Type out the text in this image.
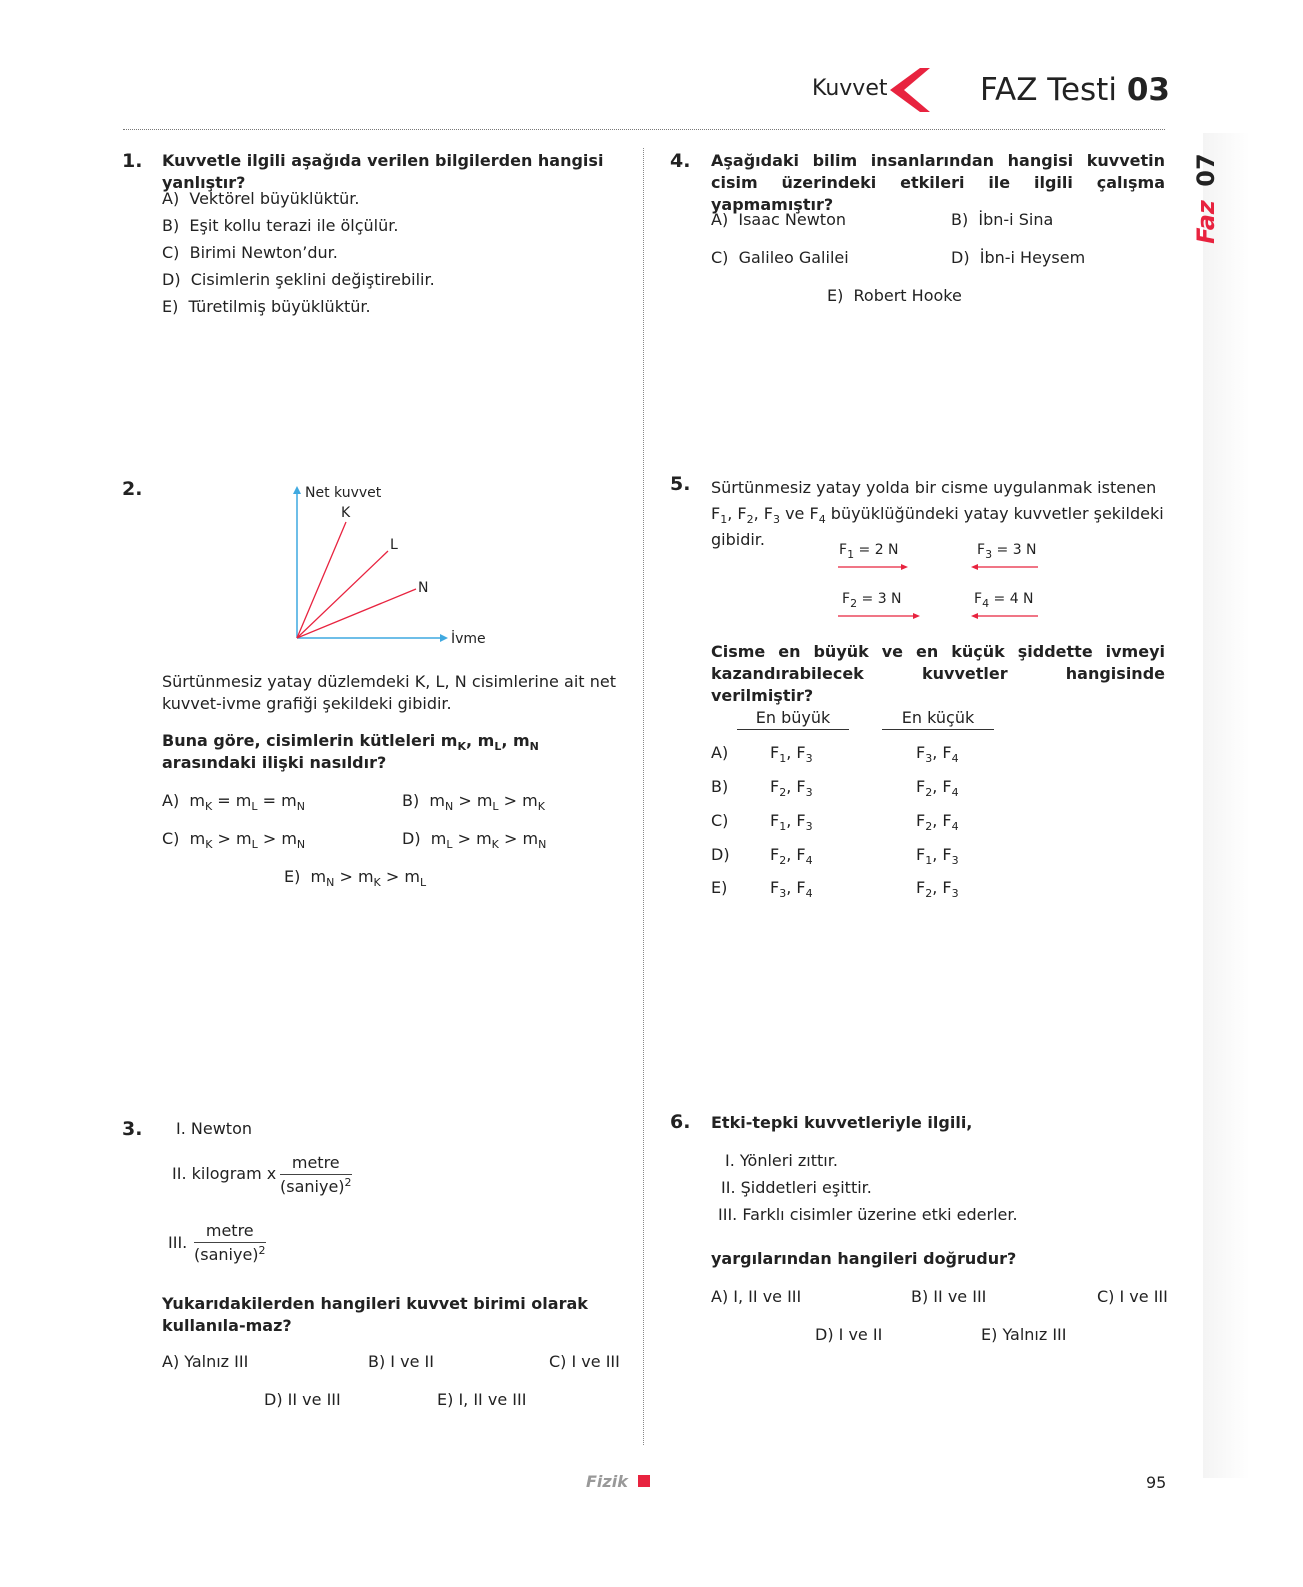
Kuvvet	FAZ Testi 03
07
Faz
1. Kuvvetle ilgili aşağıda verilen bilgilerden hangisi yanlıştır?
A) Vektörel büyüklüktür.
B) Eşit kollu terazi ile ölçülür.
C) Birimi Newton’dur.
D) Cisimlerin şeklini değiştirebilir.
E) Türetilmiş büyüklüktür.
2.	Net kuvvet
İvme
K
L
N
Sürtünmesiz yatay düzlemdeki K, L, N cisimlerine ait net kuvvet-ivme grafiği şekildeki gibidir.
Buna göre, cisimlerin kütleleri $m_K$, $m_L$, $m_N$ arasındaki ilişki nasıldır?
A) $m_K = m_L = m_N$	B) $m_N > m_L > m_K$
C) $m_K > m_L > m_N$	D) $m_L > m_K > m_N$
E) $m_N > m_K > m_L$
3. I. Newton
II. kilogram x
metre
(saniye)$^2$
III.
metre
(saniye)$^2$
Yukarıdakilerden hangileri kuvvet birimi olarak kullanıla-maz?
A) Yalnız III	B) I ve II	C) I ve III
D) II ve III	E) I, II ve III
4. Aşağıdaki bilim insanlarından hangisi kuvvetin cisim üzerindeki etkileri ile ilgili çalışma yapmamıştır?
A) Isaac Newton	B) İbn-i Sina
C) Galileo Galilei	D) İbn-i Heysem
E) Robert Hooke
5. Sürtünmesiz yatay yolda bir cisme uygulanmak istenen $F_1$, $F_2$, $F_3$ ve $F_4$ büyüklüğündeki yatay kuvvetler şekildeki gibidir.
$F_1 = 2$ N	$F_3 = 3$ N
$F_2 = 3$ N	$F_4 = 4$ N
Cisme en büyük ve en küçük şiddette ivmeyi kazandırabilecek kuvvetler hangisinde verilmiştir?
En büyük	En küçük
A)	$F_1$, $F_3$	$F_3$, $F_4$
B)	$F_2$, $F_3$	$F_2$, $F_4$
C)	$F_1$, $F_3$	$F_2$, $F_4$
D)	$F_2$, $F_4$	$F_1$, $F_3$
E)	$F_3$, $F_4$	$F_2$, $F_3$
6. Etki-tepki kuvvetleriyle ilgili,
I. Yönleri zıttır.
II. Şiddetleri eşittir.
III. Farklı cisimler üzerine etki ederler.
yargılarından hangileri doğrudur?
A) I, II ve III	B) II ve III	C) I ve III
D) I ve II	E) Yalnız III
Fizik	95
